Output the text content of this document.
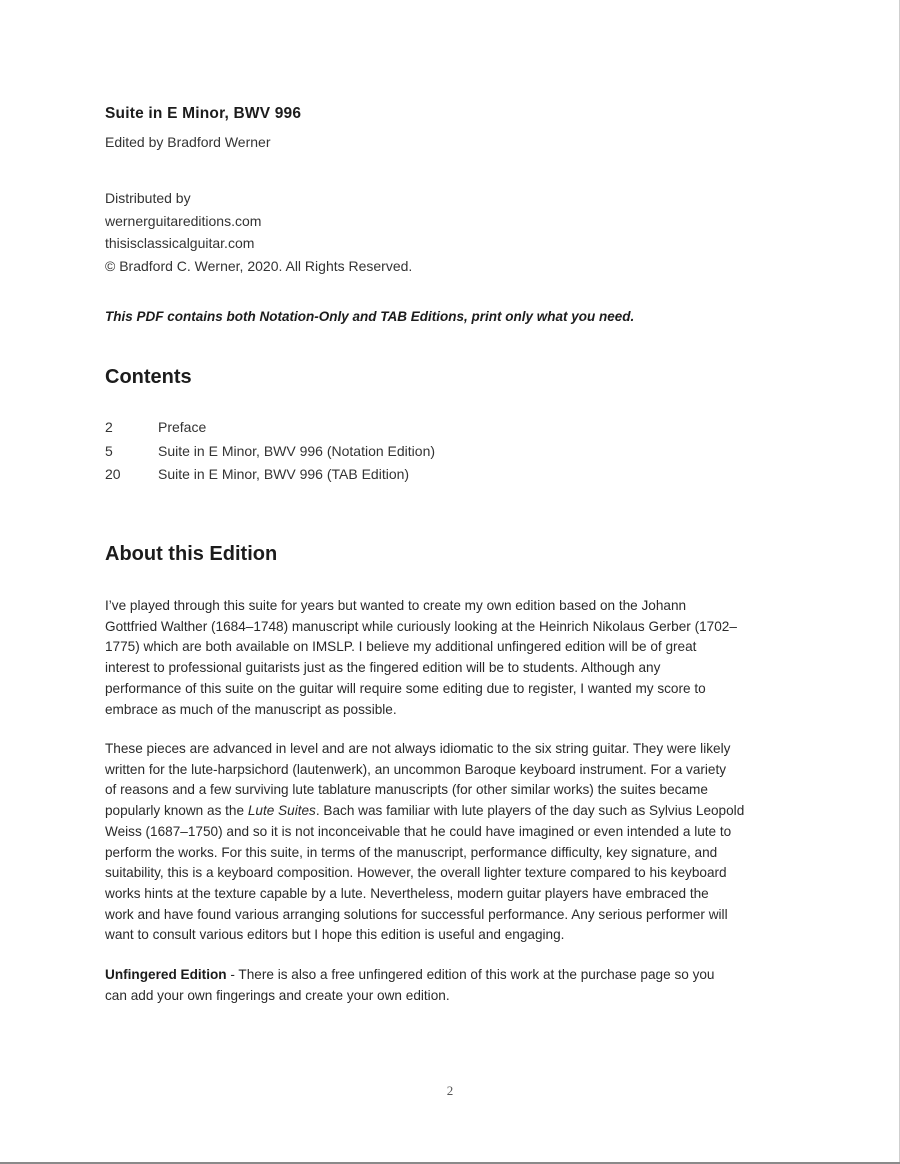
Suite in E Minor, BWV 996
Edited by Bradford Werner
Distributed by
wernerguitareditions.com
thisisclassicalguitar.com
© Bradford C. Werner, 2020. All Rights Reserved.
This PDF contains both Notation-Only and TAB Editions, print only what you need.
Contents
2	Preface
5	Suite in E Minor, BWV 996 (Notation Edition)
20	Suite in E Minor, BWV 996 (TAB Edition)
About this Edition
I’ve played through this suite for years but wanted to create my own edition based on the Johann
Gottfried Walther (1684–1748) manuscript while curiously looking at the Heinrich Nikolaus Gerber (1702–
1775) which are both available on IMSLP. I believe my additional unfingered edition will be of great
interest to professional guitarists just as the fingered edition will be to students. Although any
performance of this suite on the guitar will require some editing due to register, I wanted my score to
embrace as much of the manuscript as possible.
These pieces are advanced in level and are not always idiomatic to the six string guitar. They were likely
written for the lute-harpsichord (lautenwerk), an uncommon Baroque keyboard instrument. For a variety
of reasons and a few surviving lute tablature manuscripts (for other similar works) the suites became
popularly known as the Lute Suites. Bach was familiar with lute players of the day such as Sylvius Leopold
Weiss (1687–1750) and so it is not inconceivable that he could have imagined or even intended a lute to
perform the works. For this suite, in terms of the manuscript, performance difficulty, key signature, and
suitability, this is a keyboard composition. However, the overall lighter texture compared to his keyboard
works hints at the texture capable by a lute. Nevertheless, modern guitar players have embraced the
work and have found various arranging solutions for successful performance. Any serious performer will
want to consult various editors but I hope this edition is useful and engaging.
Unfingered Edition - There is also a free unfingered edition of this work at the purchase page so you
can add your own fingerings and create your own edition.
2
